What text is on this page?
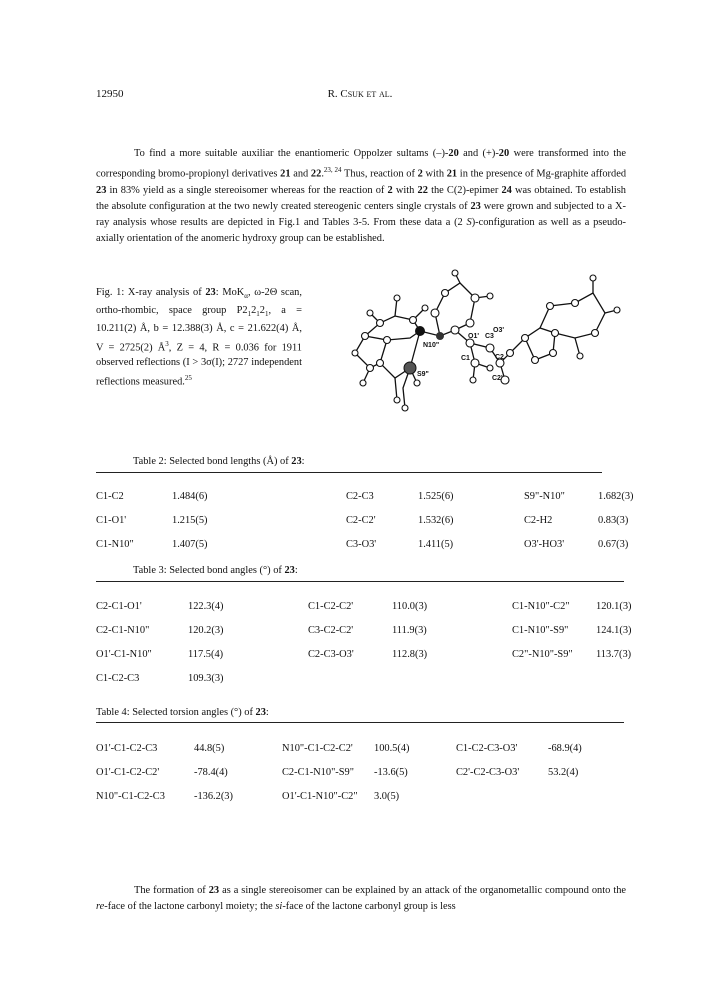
12950	R. Csuk et al.
To find a more suitable auxiliar the enantiomeric Oppolzer sultams (–)-20 and (+)-20 were transformed into the corresponding bromo-propionyl derivatives 21 and 22.$^{23, 24}$ Thus, reaction of 2 with 21 in the presence of Mg-graphite afforded 23 in 83% yield as a single stereoisomer whereas for the reaction of 2 with 22 the C(2)-epimer 24 was obtained. To establish the absolute configuration at the two newly created stereogenic centers single crystals of 23 were grown and subjected to a X-ray analysis whose results are depicted in Fig.1 and Tables 3-5. From these data a (2 S)-configuration as well as a pseudo-axially orientation of the anomeric hydroxy group can be established.
Fig. 1: X-ray analysis of 23: MoK$_\alpha$, ω-2Θ scan, ortho-rhombic, space group $P2_12_12_1$, a = 10.211(2) Å, b = 12.388(3) Å, c = 21.622(4) Å, V = 2725(2) $Å^3$, Z = 4, R = 0.036 for 1911 observed reflections (I > 3σ(I); 2727 independent reflections measured.$^{25}$
N10"
S9"
O1' C3
O3'
C1	C2
C2'
Table 2: Selected bond lengths (Å) of 23:
C1-C2	1.484(6)	C2-C3	1.525(6)	S9"-N10"	1.682(3)
C1-O1'	1.215(5)	C2-C2'	1.532(6)	C2-H2	0.83(3)
C1-N10"	1.407(5)	C3-O3'	1.411(5)	O3'-HO3'	0.67(3)
Table 3: Selected bond angles (°) of 23:
C2-C1-O1'	122.3(4)	C1-C2-C2'	110.0(3)	C1-N10"-C2"	120.1(3)
C2-C1-N10"	120.2(3)	C3-C2-C2'	111.9(3)	C1-N10"-S9"	124.1(3)
O1'-C1-N10"	117.5(4)	C2-C3-O3'	112.8(3)	C2"-N10"-S9"	113.7(3)
C1-C2-C3	109.3(3)				
Table 4: Selected torsion angles (°) of 23:
O1'-C1-C2-C3	44.8(5)	N10"-C1-C2-C2'	100.5(4)	C1-C2-C3-O3'	-68.9(4)
O1'-C1-C2-C2'	-78.4(4)	C2-C1-N10"-S9"	-13.6(5)	C2'-C2-C3-O3'	53.2(4)
N10"-C1-C2-C3	-136.2(3)	O1'-C1-N10"-C2"	3.0(5)		
The formation of 23 as a single stereoisomer can be explained by an attack of the organometallic compound onto the re-face of the lactone carbonyl moiety; the si-face of the lactone carbonyl group is less
